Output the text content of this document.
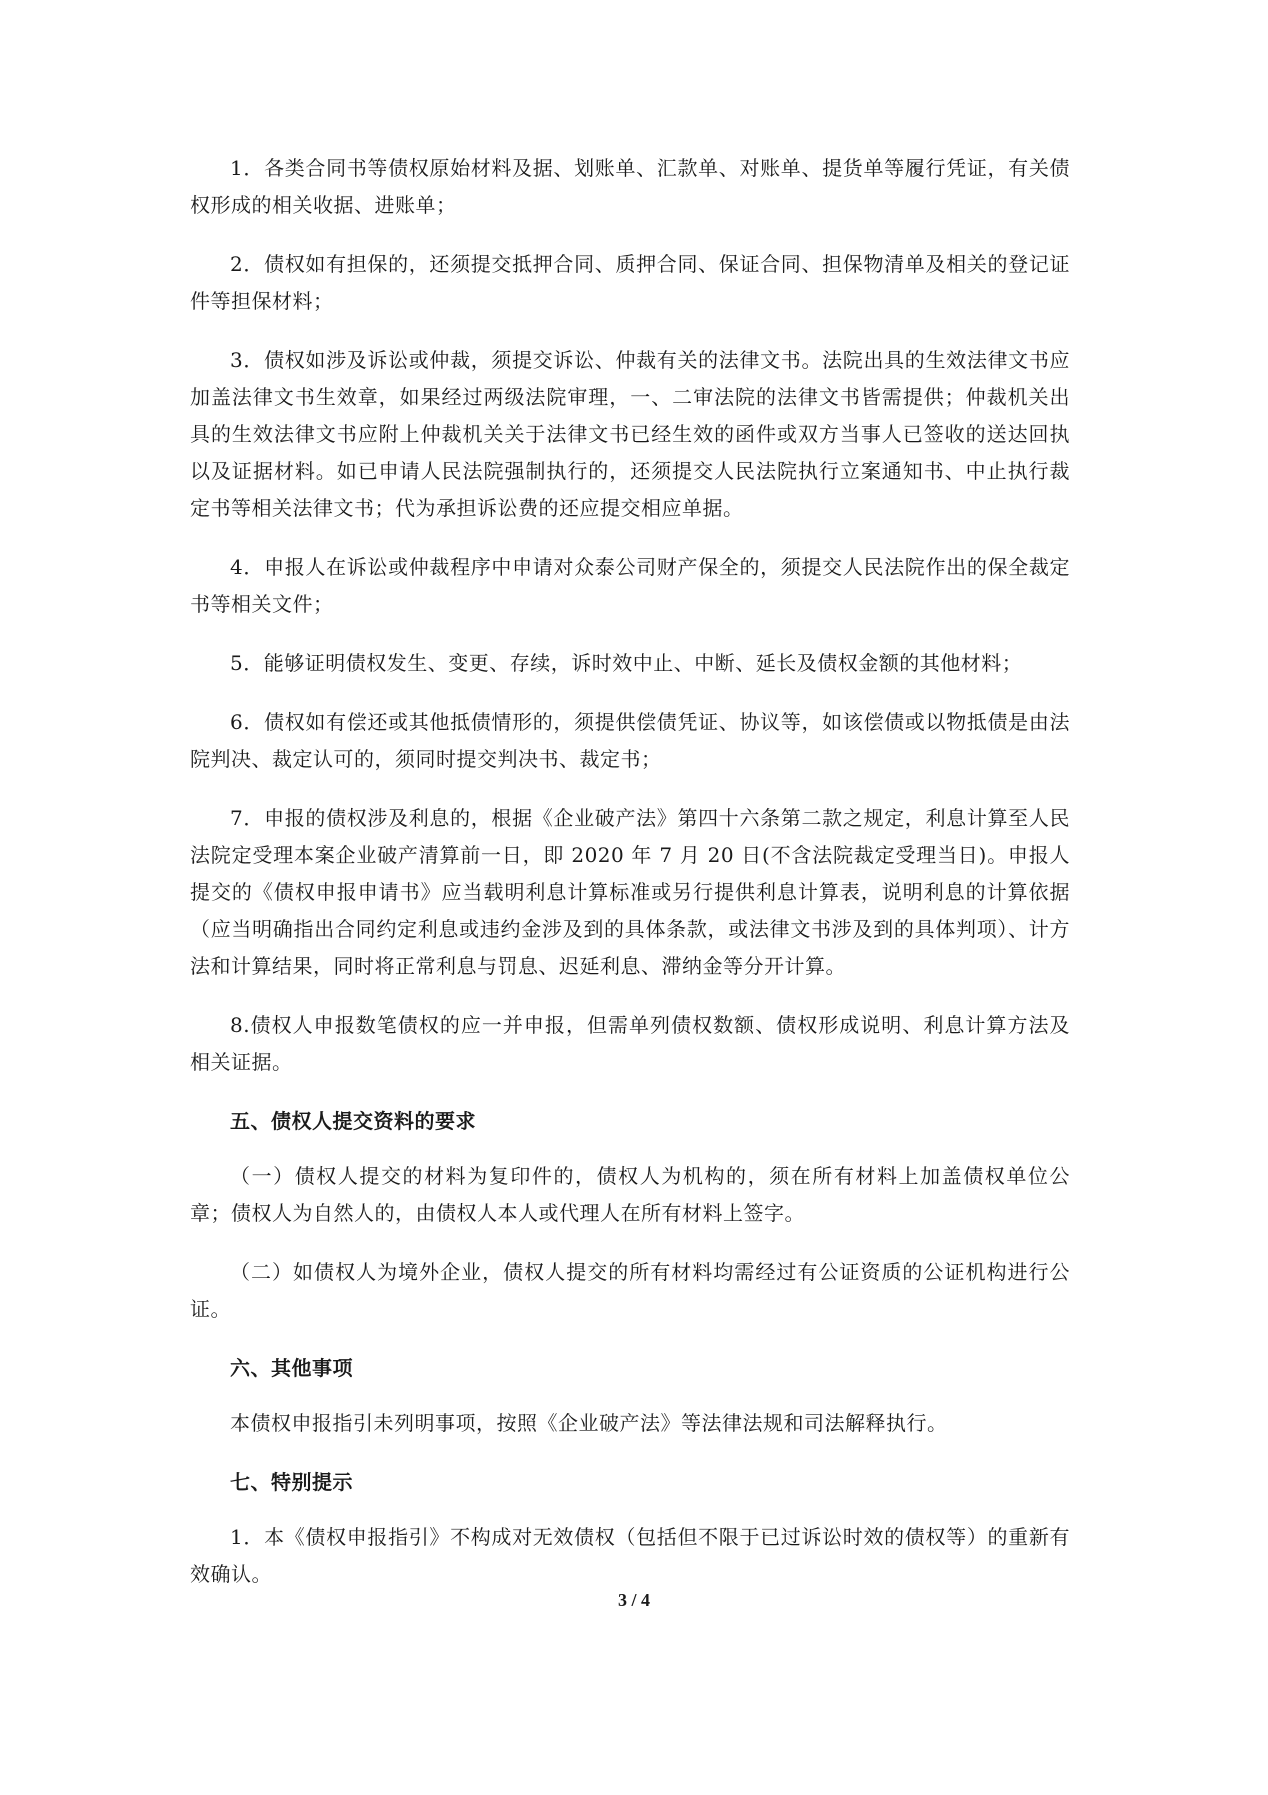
1．各类合同书等债权原始材料及据、划账单、汇款单、对账单、提货单等履行凭证，有关债权形成的相关收据、进账单；

2．债权如有担保的，还须提交抵押合同、质押合同、保证合同、担保物清单及相关的登记证件等担保材料；

3．债权如涉及诉讼或仲裁，须提交诉讼、仲裁有关的法律文书。法院出具的生效法律文书应加盖法律文书生效章，如果经过两级法院审理，一、二审法院的法律文书皆需提供；仲裁机关出具的生效法律文书应附上仲裁机关关于法律文书已经生效的函件或双方当事人已签收的送达回执以及证据材料。如已申请人民法院强制执行的，还须提交人民法院执行立案通知书、中止执行裁定书等相关法律文书；代为承担诉讼费的还应提交相应单据。

4．申报人在诉讼或仲裁程序中申请对众泰公司财产保全的，须提交人民法院作出的保全裁定书等相关文件；

5．能够证明债权发生、变更、存续，诉时效中止、中断、延长及债权金额的其他材料；

6．债权如有偿还或其他抵债情形的，须提供偿债凭证、协议等，如该偿债或以物抵债是由法院判决、裁定认可的，须同时提交判决书、裁定书；

7．申报的债权涉及利息的，根据《企业破产法》第四十六条第二款之规定，利息计算至人民法院定受理本案企业破产清算前一日，即 2020 年 7 月 20 日(不含法院裁定受理当日)。申报人提交的《债权申报申请书》应当载明利息计算标准或另行提供利息计算表，说明利息的计算依据（应当明确指出合同约定利息或违约金涉及到的具体条款，或法律文书涉及到的具体判项）、计方法和计算结果，同时将正常利息与罚息、迟延利息、滞纳金等分开计算。

8.债权人申报数笔债权的应一并申报，但需单列债权数额、债权形成说明、利息计算方法及相关证据。

五、债权人提交资料的要求

（一）债权人提交的材料为复印件的，债权人为机构的，须在所有材料上加盖债权单位公章；债权人为自然人的，由债权人本人或代理人在所有材料上签字。

（二）如债权人为境外企业，债权人提交的所有材料均需经过有公证资质的公证机构进行公证。

六、其他事项

本债权申报指引未列明事项，按照《企业破产法》等法律法规和司法解释执行。

七、特别提示

1．本《债权申报指引》不构成对无效债权（包括但不限于已过诉讼时效的债权等）的重新有效确认。

3 / 4
